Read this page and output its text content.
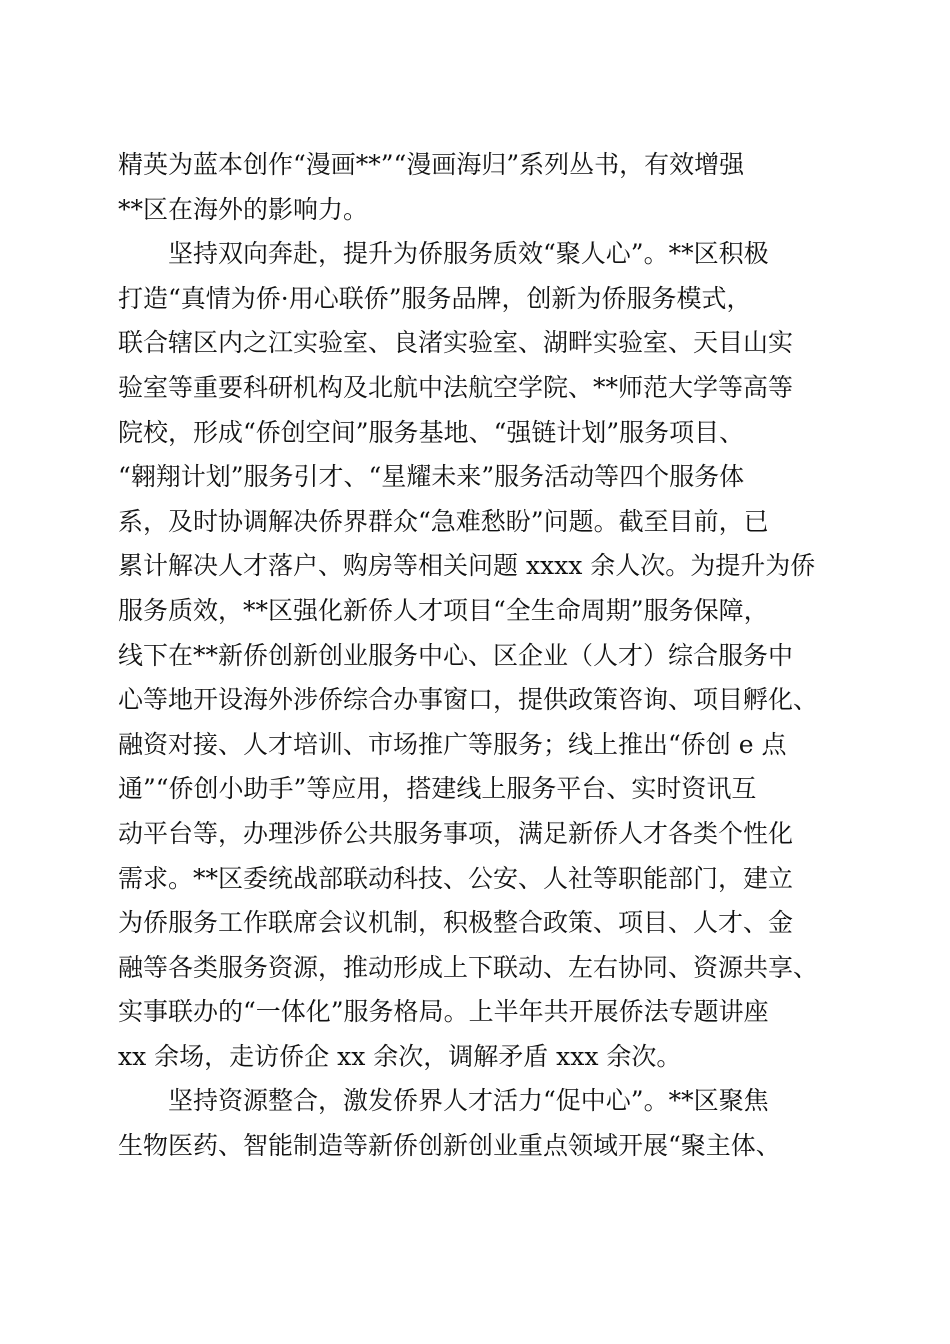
精英为蓝本创作“漫画**”“漫画海归”系列丛书，有效增强
**区在海外的影响力。
坚持双向奔赴，提升为侨服务质效“聚人心”。**区积极
打造“真情为侨·用心联侨”服务品牌，创新为侨服务模式，
联合辖区内之江实验室、良渚实验室、湖畔实验室、天目山实
验室等重要科研机构及北航中法航空学院、**师范大学等高等
院校，形成“侨创空间”服务基地、“强链计划”服务项目、
“翱翔计划”服务引才、“星耀未来”服务活动等四个服务体
系，及时协调解决侨界群众“急难愁盼”问题。截至目前，已
累计解决人才落户、购房等相关问题 xxxx 余人次。为提升为侨
服务质效，**区强化新侨人才项目“全生命周期”服务保障，
线下在**新侨创新创业服务中心、区企业（人才）综合服务中
心等地开设海外涉侨综合办事窗口，提供政策咨询、项目孵化、
融资对接、人才培训、市场推广等服务；线上推出“侨创 e 点
通”“侨创小助手”等应用，搭建线上服务平台、实时资讯互
动平台等，办理涉侨公共服务事项，满足新侨人才各类个性化
需求。**区委统战部联动科技、公安、人社等职能部门，建立
为侨服务工作联席会议机制，积极整合政策、项目、人才、金
融等各类服务资源，推动形成上下联动、左右协同、资源共享、
实事联办的“一体化”服务格局。上半年共开展侨法专题讲座
xx 余场，走访侨企 xx 余次，调解矛盾 xxx 余次。
坚持资源整合，激发侨界人才活力“促中心”。**区聚焦
生物医药、智能制造等新侨创新创业重点领域开展“聚主体、
